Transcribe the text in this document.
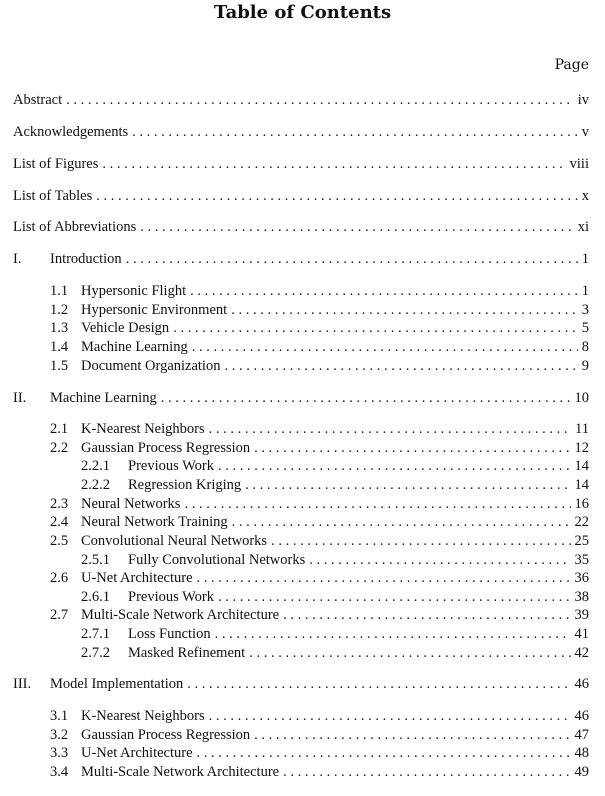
Table of Contents
Page
Abstract . . .	iv
Acknowledgements . . .	v
List of Figures . . .	viii
List of Tables . . .	x
List of Abbreviations . . .	xi
I.	Introduction . . .	1
1.1 Hypersonic Flight . . .	1
1.2 Hypersonic Environment . . .	3
1.3 Vehicle Design . . .	5
1.4 Machine Learning . . .	8
1.5 Document Organization . . .	9
II.	Machine Learning . . .	10
2.1 K-Nearest Neighbors . . .	11
2.2 Gaussian Process Regression . . .	12
2.2.1	Previous Work . . .	14
2.2.2	Regression Kriging . . .	14
2.3 Neural Networks . . .	16
2.4 Neural Network Training . . .	22
2.5 Convolutional Neural Networks . . .	25
2.5.1	Fully Convolutional Networks . . .	35
2.6 U-Net Architecture . . .	36
2.6.1	Previous Work . . .	38
2.7 Multi-Scale Network Architecture . . .	39
2.7.1	Loss Function . . .	41
2.7.2	Masked Refinement . . .	42
III.	Model Implementation . . .	46
3.1 K-Nearest Neighbors . . .	46
3.2 Gaussian Process Regression . . .	47
3.3 U-Net Architecture . . .	48
3.4 Multi-Scale Network Architecture . . .	49
